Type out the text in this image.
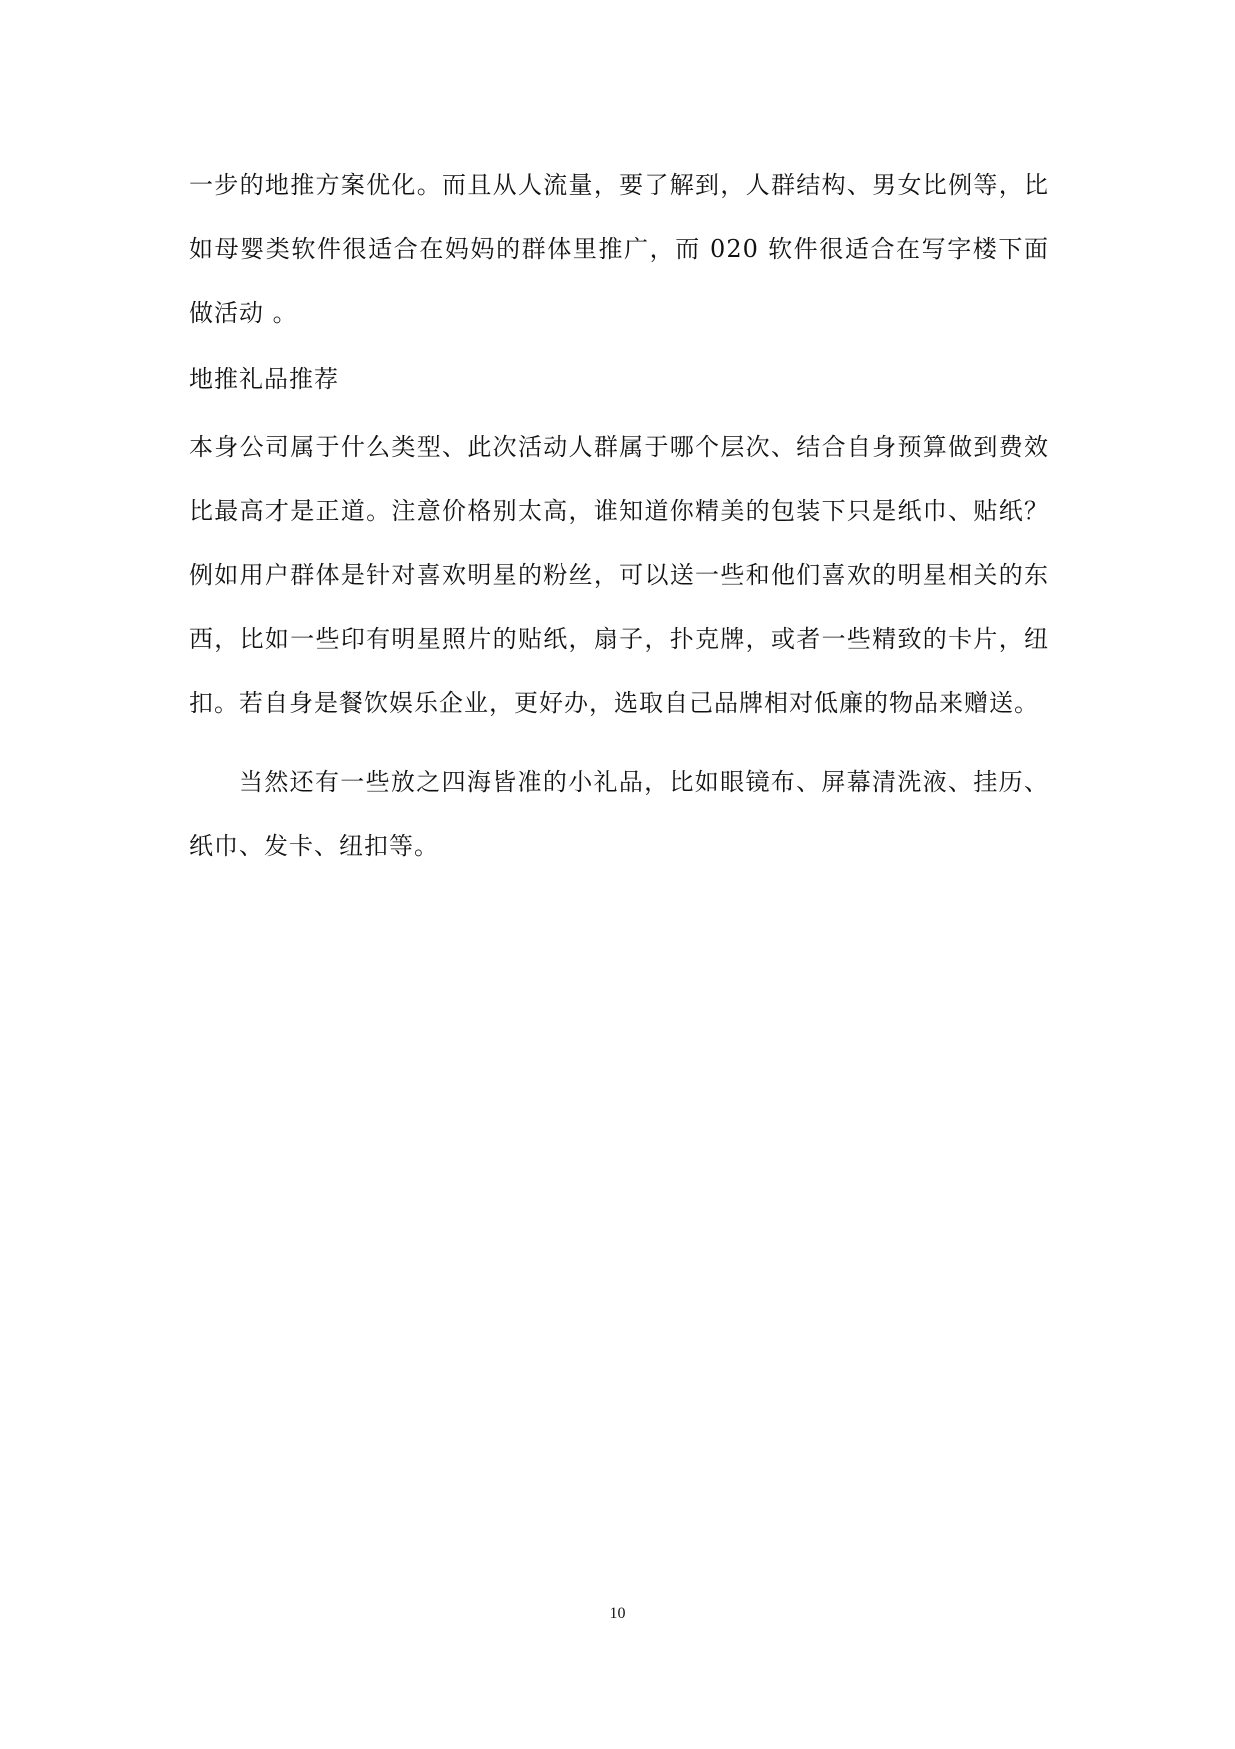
一步的地推方案优化。而且从人流量，要了解到，人群结构、男女比例等，比如母婴类软件很适合在妈妈的群体里推广，而 020 软件很适合在写字楼下面做活动 。

地推礼品推荐

本身公司属于什么类型、此次活动人群属于哪个层次、结合自身预算做到费效比最高才是正道。注意价格别太高，谁知道你精美的包装下只是纸巾、贴纸？例如用户群体是针对喜欢明星的粉丝，可以送一些和他们喜欢的明星相关的东西，比如一些印有明星照片的贴纸，扇子，扑克牌，或者一些精致的卡片，纽扣。若自身是餐饮娱乐企业，更好办，选取自己品牌相对低廉的物品来赠送。

当然还有一些放之四海皆准的小礼品，比如眼镜布、屏幕清洗液、挂历、纸巾、发卡、纽扣等。

10
